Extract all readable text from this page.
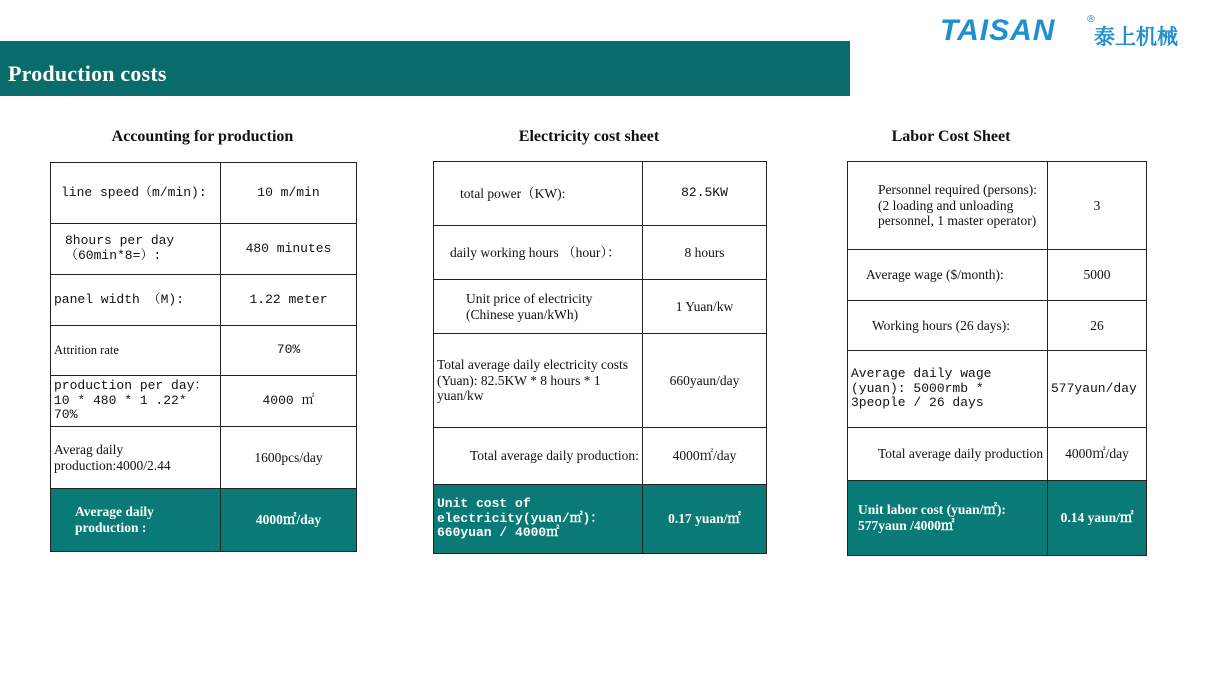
Production costs
TAISAN	®
泰上机械
Accounting for production
line speed（m/min):	10 m/min
8hours per day （60min*8=）:	480 minutes
panel width （M):	1.22 meter
Attrition rate	70%
production per day： 10 * 480 * 1 .22* 70%	4000 ㎡
Averag daily production:4000/2.44	1600pcs/day
Average daily production :	4000㎡/day
Electricity cost sheet
total power（KW):	82.5KW
daily working hours （hour）：	8 hours
Unit price of electricity (Chinese yuan/kWh)	1 Yuan/kw
Total average daily electricity costs (Yuan): 82.5KW * 8 hours * 1 yuan/kw	660yaun/day
Total average daily production:	4000㎡/day
Unit cost of electricity(yuan/㎡)： 660yuan / 4000㎡	0.17 yuan/㎡
Labor Cost Sheet
Personnel required (persons): (2 loading and unloading personnel, 1 master operator)	3
Average wage ($/month):	5000
Working hours (26 days):	26
Average daily wage (yuan): 5000rmb * 3people / 26 days	577yaun/day
Total average daily production	4000㎡/day
Unit labor cost (yuan/㎡): 577yaun /4000㎡	0.14 yaun/㎡
